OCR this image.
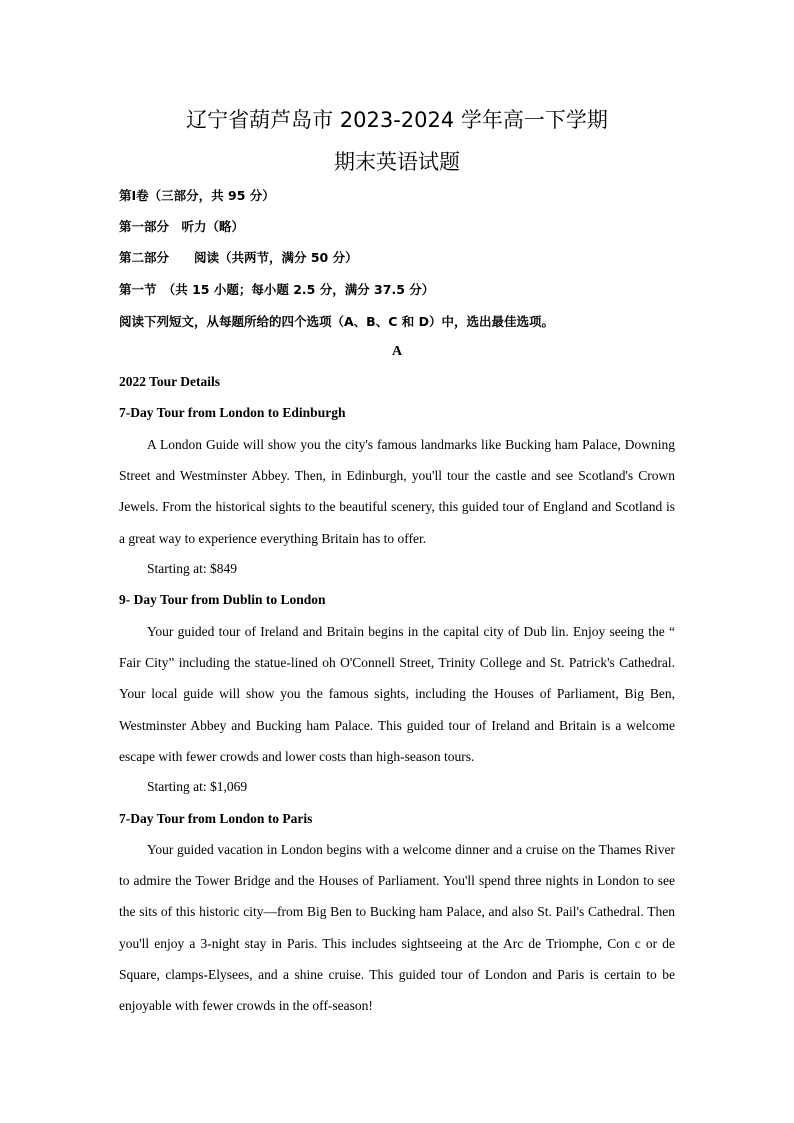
辽宁省葫芦岛市 2023-2024 学年高一下学期
期末英语试题
第Ⅰ卷（三部分，共 95 分）
第一部分　听力（略）
第二部分　　阅读（共两节，满分 50 分）
第一节　（共 15 小题；每小题 2.5 分，满分 37.5 分）
阅读下列短文，从每题所给的四个选项（A、B、C 和 D）中，选出最佳选项。
A
2022 Tour Details
7-Day Tour from London to Edinburgh

A London Guide will show you the city's famous landmarks like Bucking ham Palace, Downing Street and Westminster Abbey. Then, in Edinburgh, you'll tour the castle and see Scotland's Crown Jewels. From the historical sights to the beautiful scenery, this guided tour of England and Scotland is a great way to experience everything Britain has to offer.

Starting at: $849
9- Day Tour from Dublin to London

Your guided tour of Ireland and Britain begins in the capital city of Dub lin. Enjoy seeing the “ Fair City” including the statue-lined oh O'Connell Street, Trinity College and St. Patrick's Cathedral. Your local guide will show you the famous sights, including the Houses of Parliament, Big Ben, Westminster Abbey and Bucking ham Palace. This guided tour of Ireland and Britain is a welcome escape with fewer crowds and lower costs than high-season tours.

Starting at: $1,069
7-Day Tour from London to Paris

Your guided vacation in London begins with a welcome dinner and a cruise on the Thames River to admire the Tower Bridge and the Houses of Parliament. You'll spend three nights in London to see the sits of this historic city—from Big Ben to Bucking ham Palace, and also St. Pail's Cathedral. Then you'll enjoy a 3-night stay in Paris. This includes sightseeing at the Arc de Triomphe, Con c or de Square, clamps-Elysees, and a shine cruise. This guided tour of London and Paris is certain to be enjoyable with fewer crowds in the off-season!
